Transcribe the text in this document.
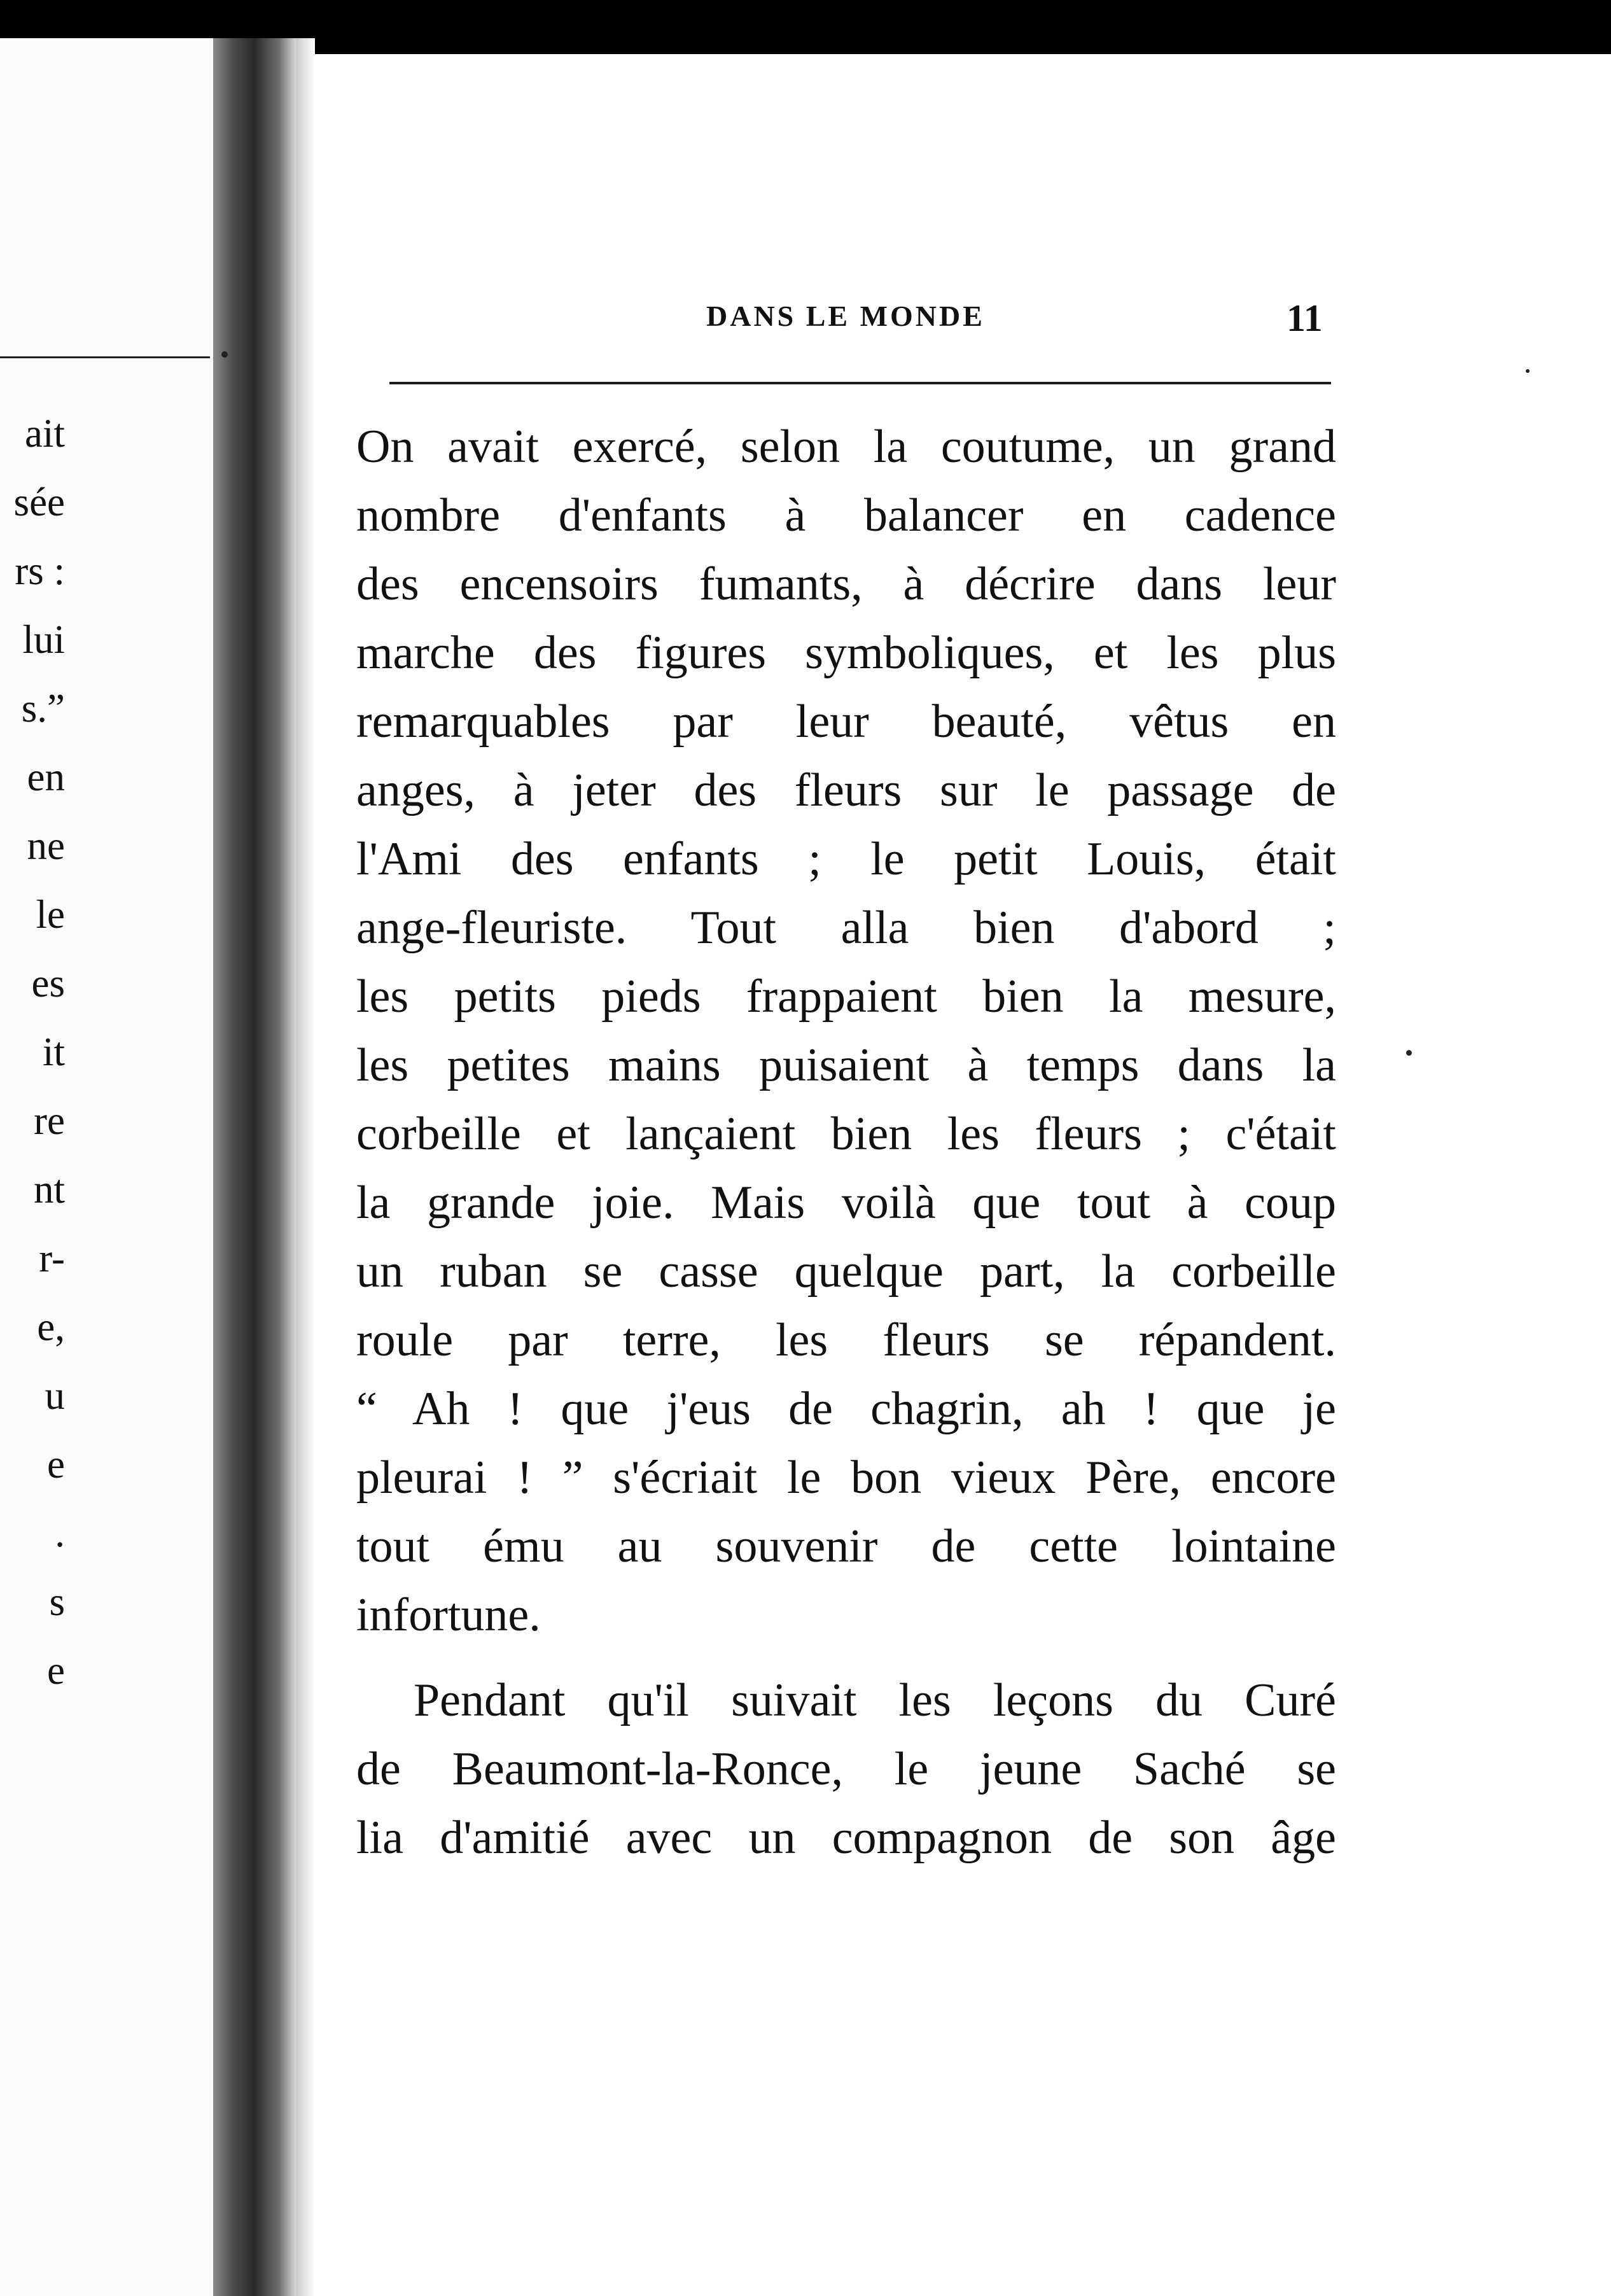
ait
sée
rs :
lui
s.”
en
ne
le
es
it
re
nt
r-
e,
u
e
.
s
e
DANS LE MONDE	11
On avait exercé, selon la coutume, un grand
nombre d'enfants à balancer en cadence
des encensoirs fumants, à décrire dans leur
marche des figures symboliques, et les plus
remarquables par leur beauté, vêtus en
anges, à jeter des fleurs sur le passage de
l'Ami des enfants ; le petit Louis, était
ange-fleuriste. Tout alla bien d'abord ;
les petits pieds frappaient bien la mesure,
les petites mains puisaient à temps dans la
corbeille et lançaient bien les fleurs ; c'était
la grande joie. Mais voilà que tout à coup
un ruban se casse quelque part, la corbeille
roule par terre, les fleurs se répandent.
“ Ah ! que j'eus de chagrin, ah ! que je
pleurai ! ” s'écriait le bon vieux Père, encore
tout ému au souvenir de cette lointaine
infortune.
Pendant qu'il suivait les leçons du Curé
de Beaumont-la-Ronce, le jeune Saché se
lia d'amitié avec un compagnon de son âge
